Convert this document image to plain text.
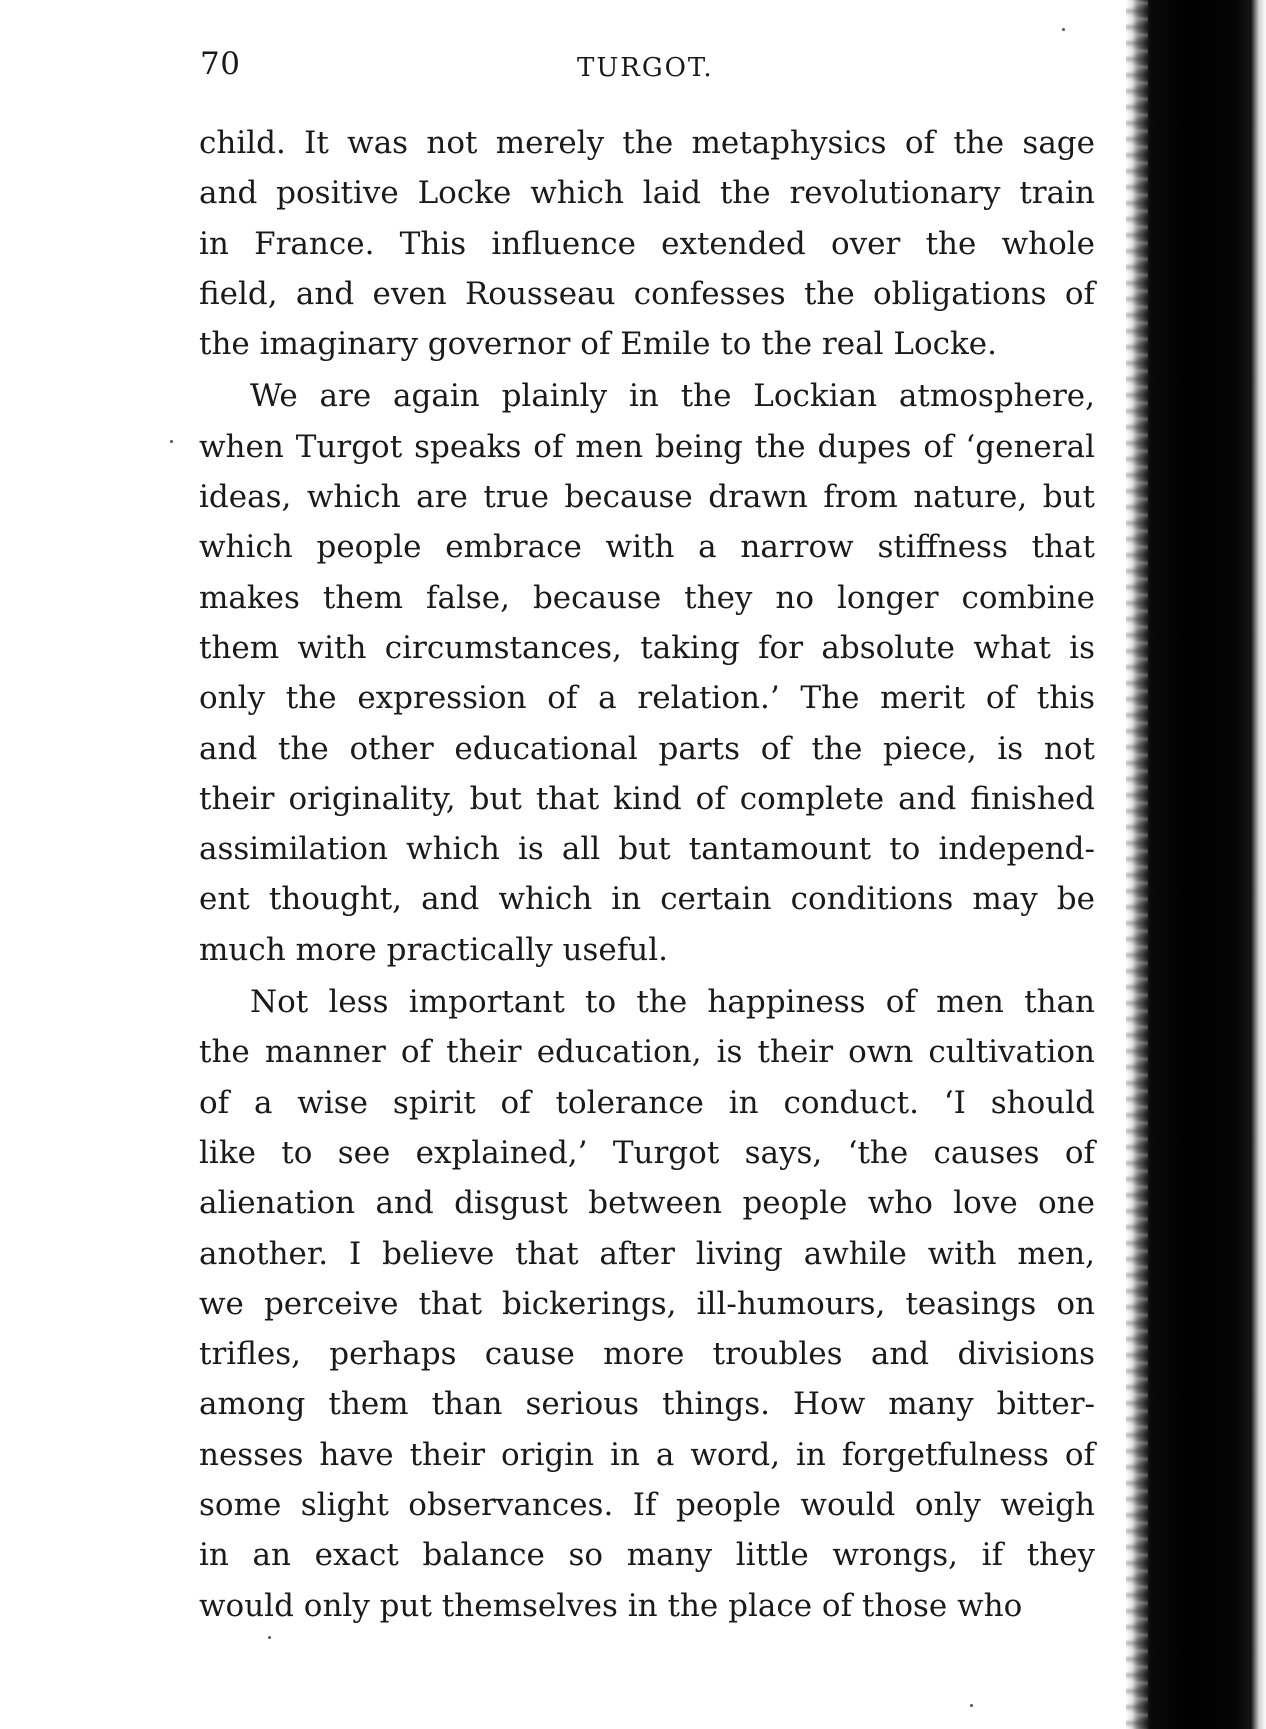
70	TURGOT.
child. It was not merely the metaphysics of the sage
and positive Locke which laid the revolutionary train
in France. This influence extended over the whole
field, and even Rousseau confesses the obligations of
the imaginary governor of Emile to the real Locke.
We are again plainly in the Lockian atmosphere,
when Turgot speaks of men being the dupes of ‘general
ideas, which are true because drawn from nature, but
which people embrace with a narrow stiffness that
makes them false, because they no longer combine
them with circumstances, taking for absolute what is
only the expression of a relation.’ The merit of this
and the other educational parts of the piece, is not
their originality, but that kind of complete and finished
assimilation which is all but tantamount to independ-
ent thought, and which in certain conditions may be
much more practically useful.
Not less important to the happiness of men than
the manner of their education, is their own cultivation
of a wise spirit of tolerance in conduct. ‘I should
like to see explained,’ Turgot says, ‘the causes of
alienation and disgust between people who love one
another. I believe that after living awhile with men,
we perceive that bickerings, ill-humours, teasings on
trifles, perhaps cause more troubles and divisions
among them than serious things. How many bitter-
nesses have their origin in a word, in forgetfulness of
some slight observances. If people would only weigh
in an exact balance so many little wrongs, if they
would only put themselves in the place of those who
